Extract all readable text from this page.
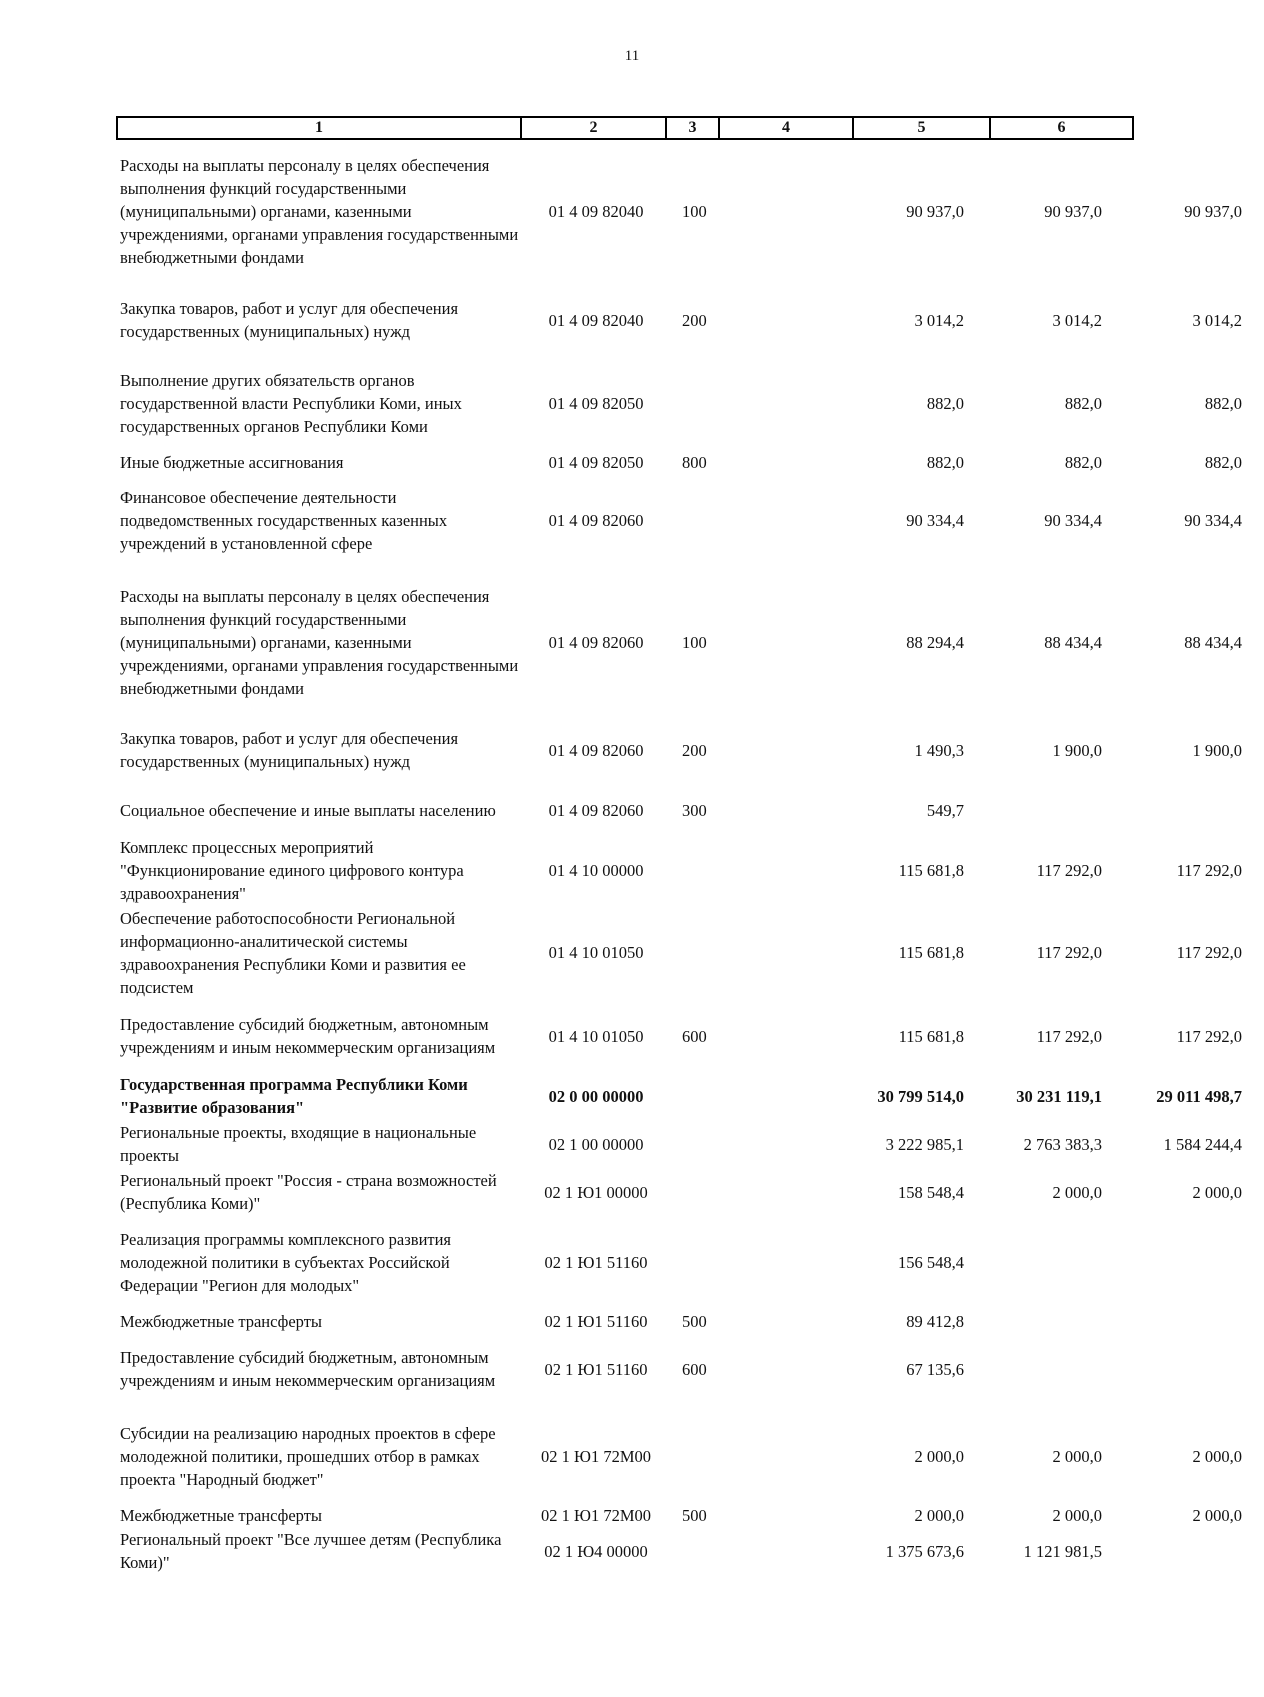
11
1	2	3	4	5	6
Расходы на выплаты персоналу в целях обеспечения выполнения функций государственными (муниципальными) органами, казенными учреждениями, органами управления государственными внебюджетными фондами
01 4 09 82040	100	90 937,0	90 937,0	90 937,0
Закупка товаров, работ и услуг для обеспечения государственных (муниципальных) нужд
01 4 09 82040	200	3 014,2	3 014,2	3 014,2
Выполнение других обязательств органов государственной власти Республики Коми, иных государственных органов Республики Коми
01 4 09 82050	882,0	882,0	882,0
Иные бюджетные ассигнования	01 4 09 82050	800	882,0	882,0	882,0
Финансовое обеспечение деятельности подведомственных государственных казенных учреждений в установленной сфере
01 4 09 82060	90 334,4	90 334,4	90 334,4
Расходы на выплаты персоналу в целях обеспечения выполнения функций государственными (муниципальными) органами, казенными учреждениями, органами управления государственными внебюджетными фондами
01 4 09 82060	100	88 294,4	88 434,4	88 434,4
Закупка товаров, работ и услуг для обеспечения государственных (муниципальных) нужд
01 4 09 82060	200	1 490,3	1 900,0	1 900,0
Социальное обеспечение и иные выплаты населению	01 4 09 82060	300	549,7
Комплекс процессных мероприятий "Функционирование единого цифрового контура здравоохранения"
01 4 10 00000	115 681,8	117 292,0	117 292,0
Обеспечение работоспособности Региональной информационно-аналитической системы здравоохранения Республики Коми и развития ее подсистем
01 4 10 01050	115 681,8	117 292,0	117 292,0
Предоставление субсидий бюджетным, автономным учреждениям и иным некоммерческим организациям
01 4 10 01050	600	115 681,8	117 292,0	117 292,0
Государственная программа Республики Коми "Развитие образования"
02 0 00 00000	30 799 514,0	30 231 119,1	29 011 498,7
Региональные проекты, входящие в национальные проекты
02 1 00 00000	3 222 985,1	2 763 383,3	1 584 244,4
Региональный проект "Россия - страна возможностей (Республика Коми)"
02 1 Ю1 00000	158 548,4	2 000,0	2 000,0
Реализация программы комплексного развития молодежной политики в субъектах Российской Федерации "Регион для молодых"
02 1 Ю1 51160	156 548,4
Межбюджетные трансферты	02 1 Ю1 51160	500	89 412,8
Предоставление субсидий бюджетным, автономным учреждениям и иным некоммерческим организациям
02 1 Ю1 51160	600	67 135,6
Субсидии на реализацию народных проектов в сфере молодежной политики, прошедших отбор в рамках проекта "Народный бюджет"
02 1 Ю1 72М00	2 000,0	2 000,0	2 000,0
Межбюджетные трансферты	02 1 Ю1 72М00	500	2 000,0	2 000,0	2 000,0
Региональный проект "Все лучшее детям (Республика Коми)"
02 1 Ю4 00000	1 375 673,6	1 121 981,5
